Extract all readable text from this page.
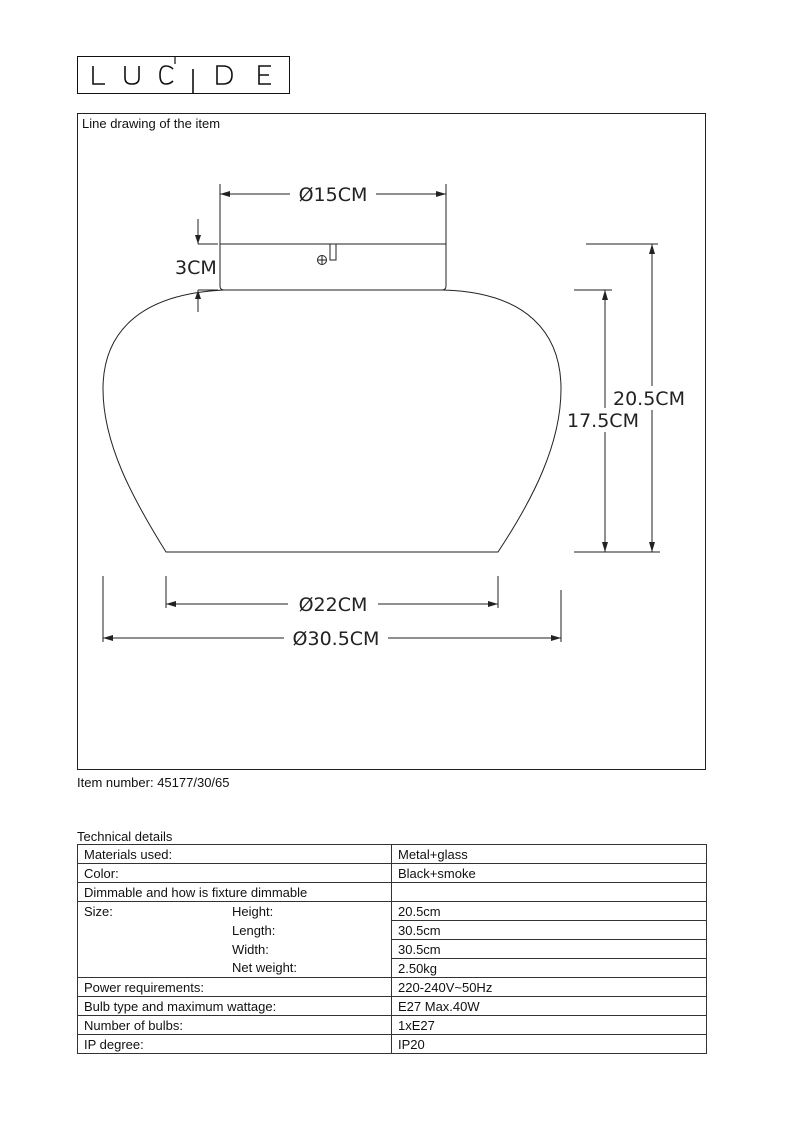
Line drawing of the item
Ø15CM
3CM
20.5CM
17.5CM
Ø22CM
Ø30.5CM
Item number: 45177/30/65
Technical details
Materials used:	Metal+glass
Color:	Black+smoke
Dimmable and how is fixture dimmable	
Size: Height:	20.5cm
Length:	30.5cm
Width:	30.5cm
Net weight:	2.50kg
Power requirements:	220-240V~50Hz
Bulb type and maximum wattage:	E27 Max.40W
Number of bulbs:	1xE27
IP degree:	IP20
